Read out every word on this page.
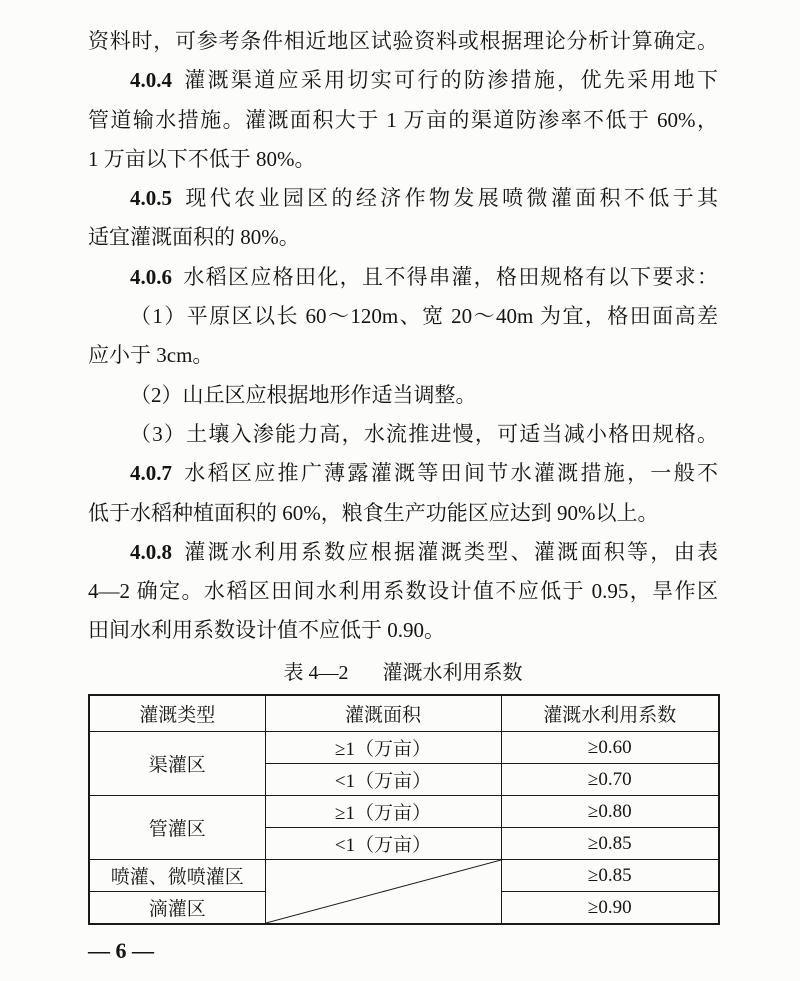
资料时，可参考条件相近地区试验资料或根据理论分析计算确定。
4.0.4 灌溉渠道应采用切实可行的防渗措施，优先采用地下
管道输水措施。灌溉面积大于 1 万亩的渠道防渗率不低于 60%，
1 万亩以下不低于 80%。
4.0.5 现代农业园区的经济作物发展喷微灌面积不低于其
适宜灌溉面积的 80%。
4.0.6 水稻区应格田化，且不得串灌，格田规格有以下要求：
（1）平原区以长 60～120m、宽 20～40m 为宜，格田面高差
应小于 3cm。
（2）山丘区应根据地形作适当调整。
（3）土壤入渗能力高，水流推进慢，可适当减小格田规格。
4.0.7 水稻区应推广薄露灌溉等田间节水灌溉措施，一般不
低于水稻种植面积的 60%，粮食生产功能区应达到 90%以上。
4.0.8 灌溉水利用系数应根据灌溉类型、灌溉面积等，由表
4—2 确定。水稻区田间水利用系数设计值不应低于 0.95，旱作区
田间水利用系数设计值不应低于 0.90。
表 4—2 灌溉水利用系数
灌溉类型	灌溉面积	灌溉水利用系数
渠灌区	≥1（万亩）	≥0.60
	<1（万亩）	≥0.70
管灌区	≥1（万亩）	≥0.80
	<1（万亩）	≥0.85
喷灌、微喷灌区		≥0.85
滴灌区		≥0.90
— 6 —
